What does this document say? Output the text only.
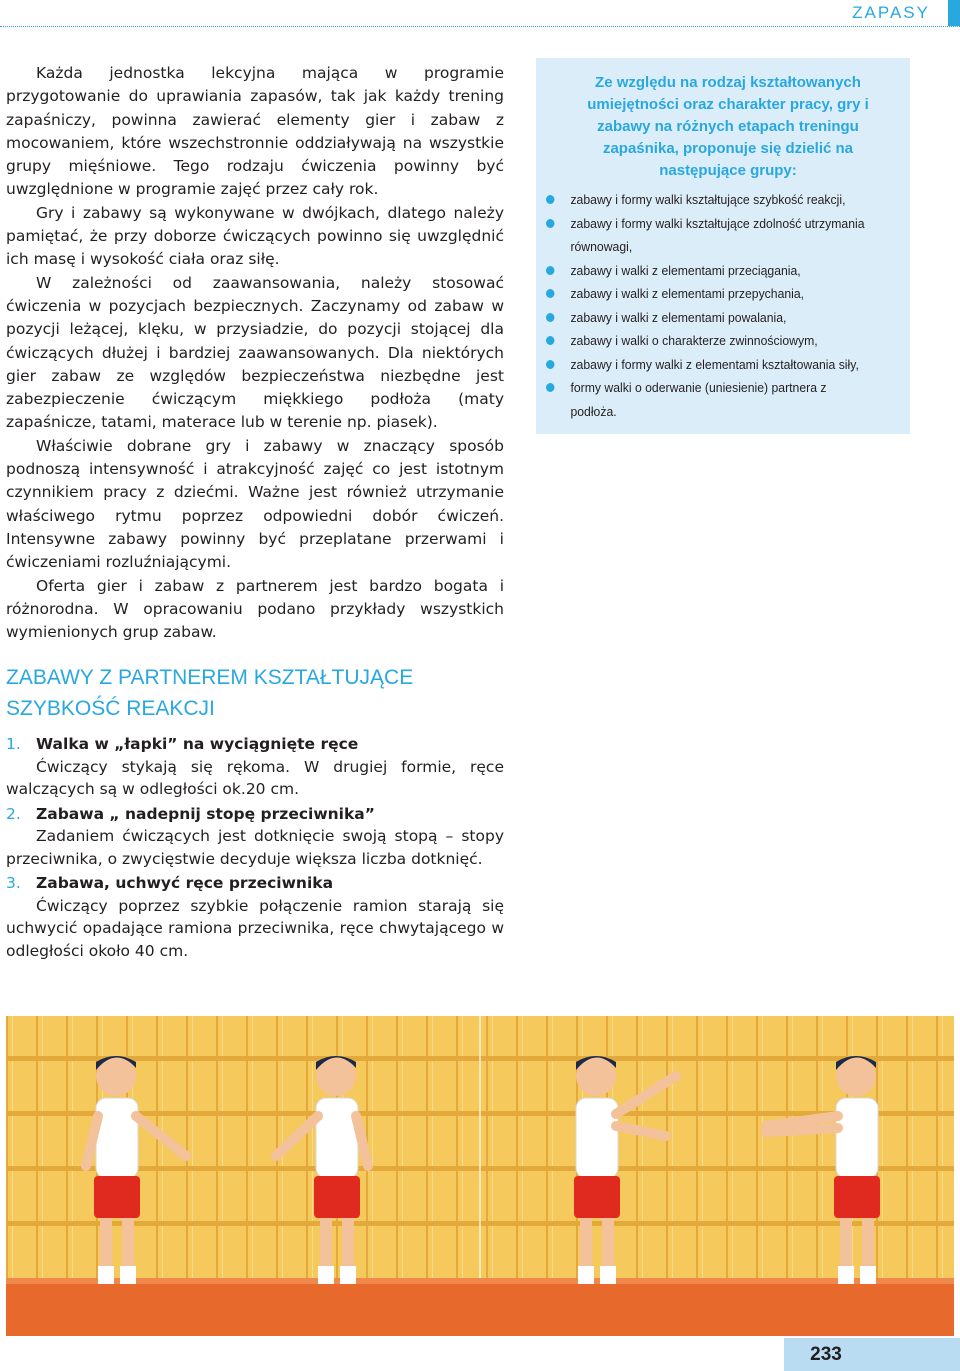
ZAPASY

Każda jednostka lekcyjna mająca w programie przygotowanie do uprawiania zapasów, tak jak każdy trening zapaśniczy, powinna zawierać elementy gier i zabaw z mocowaniem, które wszechstronnie oddziaływają na wszystkie grupy mięśniowe. Tego rodzaju ćwiczenia powinny być uwzględnione w programie zajęć przez cały rok.

Gry i zabawy są wykonywane w dwójkach, dlatego należy pamiętać, że przy doborze ćwiczących powinno się uwzględnić ich masę i wysokość ciała oraz siłę.

W zależności od zaawansowania, należy stosować ćwiczenia w pozycjach bezpiecznych. Zaczynamy od zabaw w pozycji leżącej, klęku, w przysiadzie, do pozycji stojącej dla ćwiczących dłużej i bardziej zaawansowanych. Dla niektórych gier zabaw ze względów bezpieczeństwa niezbędne jest zabezpieczenie ćwiczącym miękkiego podłoża (maty zapaśnicze, tatami, materace lub w terenie np. piasek).

Właściwie dobrane gry i zabawy w znaczący sposób podnoszą intensywność i atrakcyjność zajęć co jest istotnym czynnikiem pracy z dziećmi. Ważne jest również utrzymanie właściwego rytmu poprzez odpowiedni dobór ćwiczeń. Intensywne zabawy powinny być przeplatane przerwami i ćwiczeniami rozluźniającymi.

Oferta gier i zabaw z partnerem jest bardzo bogata i różnorodna. W opracowaniu podano przykłady wszystkich wymienionych grup zabaw.

Ze względu na rodzaj kształtowanych umiejętności oraz charakter pracy, gry i zabawy na różnych etapach treningu zapaśnika, proponuje się dzielić na następujące grupy:
zabawy i formy walki kształtujące szybkość reakcji,
zabawy i formy walki kształtujące zdolność utrzymania równowagi,
zabawy i walki z elementami przeciągania,
zabawy i walki z elementami przepychania,
zabawy i walki z elementami powalania,
zabawy i walki o charakterze zwinnościowym,
zabawy i formy walki z elementami kształtowania siły,
formy walki o oderwanie (uniesienie) partnera z podłoża.
ZABAWY Z PARTNEREM KSZTAŁTUJĄCE SZYBKOŚĆ REAKCJI

1. Walka w „łapki” na wyciągnięte ręce

Ćwiczący stykają się rękoma. W drugiej formie, ręce walczących są w odległości ok.20 cm.

2. Zabawa „ nadepnij stopę przeciwnika”

Zadaniem ćwiczących jest dotknięcie swoją stopą – stopy przeciwnika, o zwycięstwie decyduje większa liczba dotknięć.

3. Zabawa, uchwyć ręce przeciwnika

Ćwiczący poprzez szybkie połączenie ramion starają się uchwycić opadające ramiona przeciwnika, ręce chwytającego w odległości około 40 cm.

233
